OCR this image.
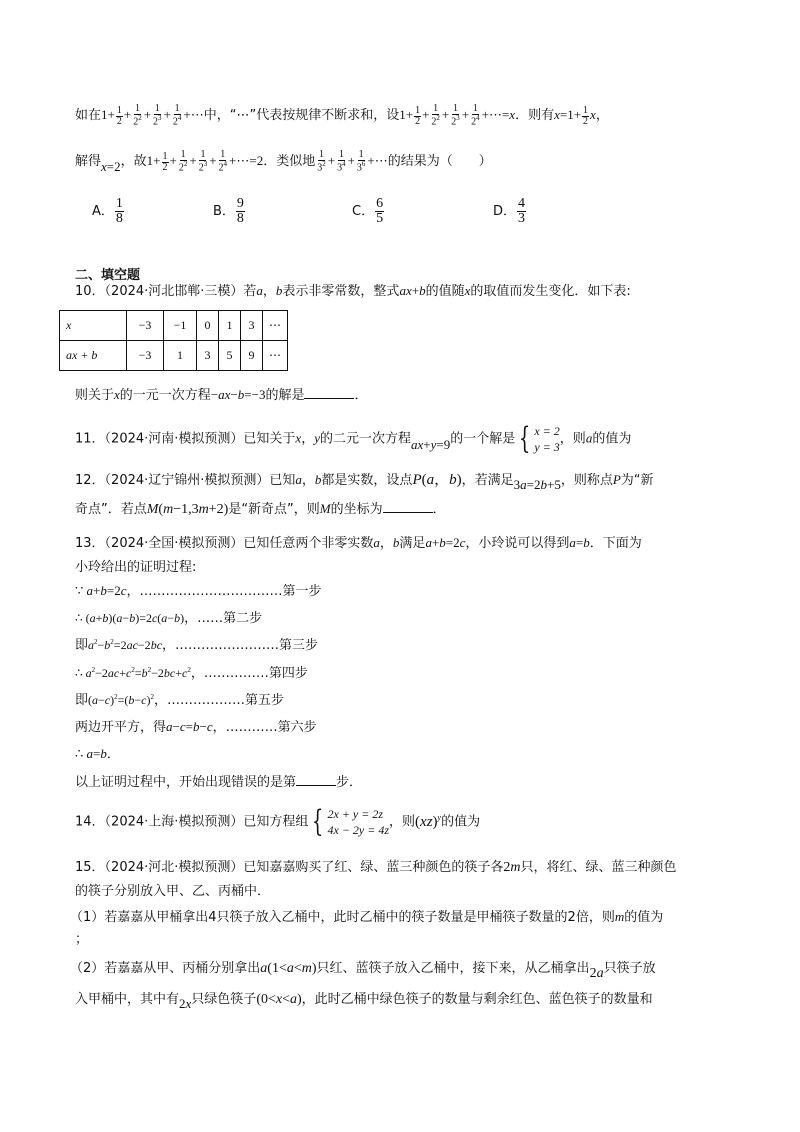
如在$1+ \frac{1}{2} + \frac{1}{2^2} + \frac{1}{2^3} + \frac{1}{2^4}$ +⋯中，“⋯”代表按规律不断求和，设$1+ \frac{1}{2} + \frac{1}{2^2} + \frac{1}{2^3} + \frac{1}{2^4}$ +⋯=x．则有$x=1+ \frac{1}{2}$ x，
解得x=2，故$1+ \frac{1}{2} + \frac{1}{2^2} + \frac{1}{2^3} + \frac{1}{2^4}$ +⋯=2．类似地 $\frac{1}{3^2} + \frac{1}{3^4} + \frac{1}{3^6}$ +⋯的结果为（　　）
A． $\frac{1}{8}$	B． $\frac{9}{8}$	C． $\frac{6}{5}$	D． $\frac{4}{3}$
二、填空题
10．（2024·河北邯郸·三模）若a，b表示非零常数，整式ax+b的值随x的取值而发生变化．如下表:
x	−3	−1	0	1	3	⋯
ax + b	−3	1	3	5	9	⋯
则关于x的一元一次方程−ax−b=−3的解是	．
11．（2024·河南·模拟预测）已知关于x，y的二元一次方程ax+y=9的一个解是 { x = 2
y = 3
，则a的值为
12．（2024·辽宁锦州·模拟预测）已知a，b都是实数，设点P(a，b)，若满足3a=2b+5，则称点P为“新
奇点”．若点M(m−1,3m+2)是“新奇点”，则M的坐标为	．
13．（2024·全国·模拟预测）已知任意两个非零实数a，b满足a+b=2c，小玲说可以得到a=b．下面为
小玲给出的证明过程:
∵ a+b=2c，……………………………第一步
∴ (a+b)(a−b)=2c(a−b)，……第二步
即$a^2-b^2=2ac-2bc$，……………………第三步
∴ $a^2-2ac+c^2=b^2-2bc+c^2$，……………第四步
即$(a-c)^2=(b-c)^2$，………………第五步
两边开平方，得a−c=b−c，…………第六步
∴ a=b．
以上证明过程中，开始出现错误的是第	步．
14．（2024·上海·模拟预测）已知方程组 { 2x + y = 2z
4x − 2y = 4z
，则(xz)$^y$的值为
15．（2024·河北·模拟预测）已知嘉嘉购买了红、绿、蓝三种颜色的筷子各2m只，将红、绿、蓝三种颜色
的筷子分别放入甲、乙、丙桶中．
（1）若嘉嘉从甲桶拿出4只筷子放入乙桶中，此时乙桶中的筷子数量是甲桶筷子数量的2倍，则m的值为
；
（2）若嘉嘉从甲、丙桶分别拿出a(1<a<m)只红、蓝筷子放入乙桶中，接下来，从乙桶拿出2a只筷子放
入甲桶中，其中有2x只绿色筷子(0<x<a)，此时乙桶中绿色筷子的数量与剩余红色、蓝色筷子的数量和
